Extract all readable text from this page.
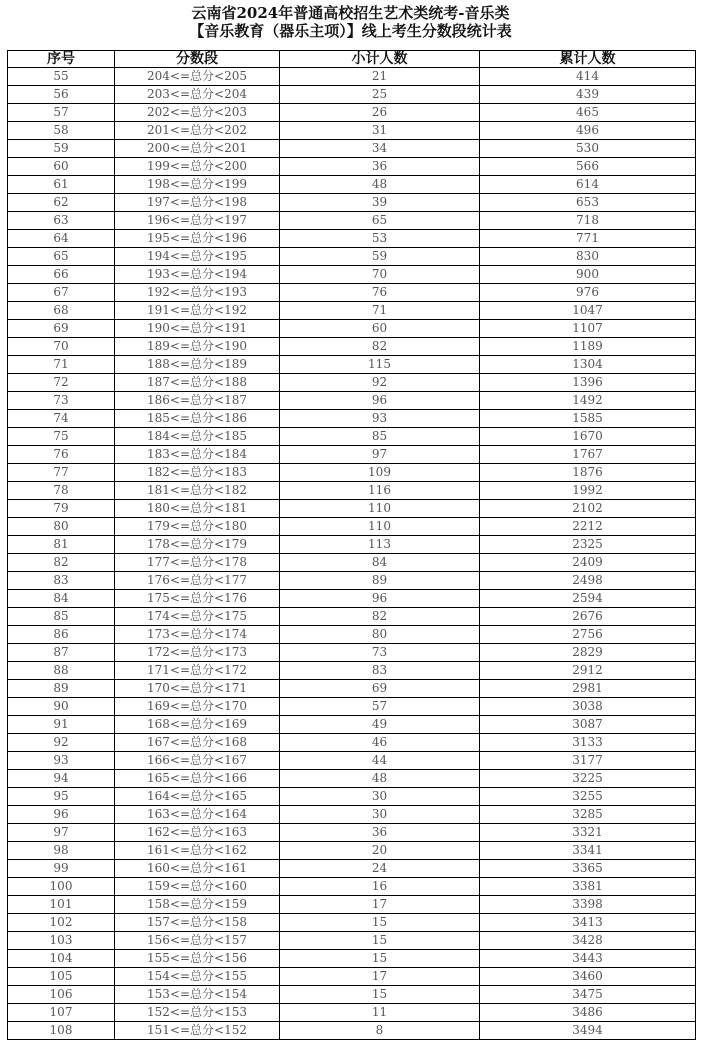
云南省2024年普通高校招生艺术类统考-音乐类
【音乐教育（器乐主项）】线上考生分数段统计表
序号	分数段	小计人数	累计人数
55	204<=总分<205	21	414
56	203<=总分<204	25	439
57	202<=总分<203	26	465
58	201<=总分<202	31	496
59	200<=总分<201	34	530
60	199<=总分<200	36	566
61	198<=总分<199	48	614
62	197<=总分<198	39	653
63	196<=总分<197	65	718
64	195<=总分<196	53	771
65	194<=总分<195	59	830
66	193<=总分<194	70	900
67	192<=总分<193	76	976
68	191<=总分<192	71	1047
69	190<=总分<191	60	1107
70	189<=总分<190	82	1189
71	188<=总分<189	115	1304
72	187<=总分<188	92	1396
73	186<=总分<187	96	1492
74	185<=总分<186	93	1585
75	184<=总分<185	85	1670
76	183<=总分<184	97	1767
77	182<=总分<183	109	1876
78	181<=总分<182	116	1992
79	180<=总分<181	110	2102
80	179<=总分<180	110	2212
81	178<=总分<179	113	2325
82	177<=总分<178	84	2409
83	176<=总分<177	89	2498
84	175<=总分<176	96	2594
85	174<=总分<175	82	2676
86	173<=总分<174	80	2756
87	172<=总分<173	73	2829
88	171<=总分<172	83	2912
89	170<=总分<171	69	2981
90	169<=总分<170	57	3038
91	168<=总分<169	49	3087
92	167<=总分<168	46	3133
93	166<=总分<167	44	3177
94	165<=总分<166	48	3225
95	164<=总分<165	30	3255
96	163<=总分<164	30	3285
97	162<=总分<163	36	3321
98	161<=总分<162	20	3341
99	160<=总分<161	24	3365
100	159<=总分<160	16	3381
101	158<=总分<159	17	3398
102	157<=总分<158	15	3413
103	156<=总分<157	15	3428
104	155<=总分<156	15	3443
105	154<=总分<155	17	3460
106	153<=总分<154	15	3475
107	152<=总分<153	11	3486
108	151<=总分<152	8	3494
